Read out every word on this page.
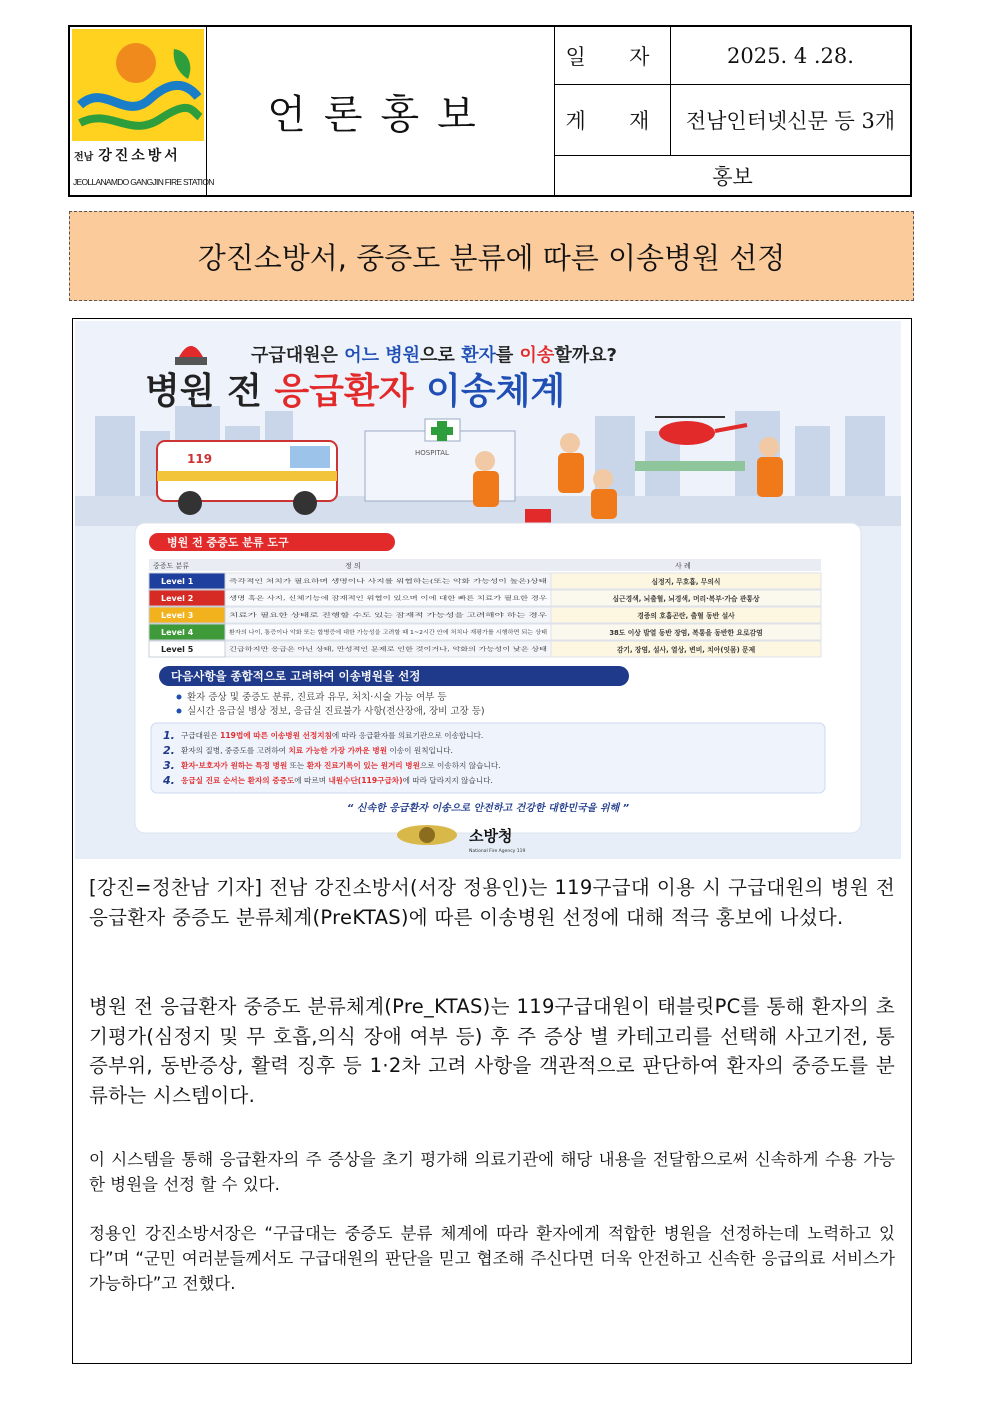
전남 강진소방서
JEOLLANAMDO GANGJIN FIRE STATION
언론홍보
일  자	2025. 4 .28.
게  재	전남인터넷신문 등 3개
홍보
강진소방서, 중증도 분류에 따른 이송병원 선정
구급대원은 어느 병원으로 환자를 이송할까요?
병원 전 응급환자 이송체계
HOSPITAL
119
병원 전 중증도 분류 도구
중증도 분류	정 의	사 례
Level 1	즉각적인 처치가 필요하며 생명이나 사지를 위협하는(또는 악화 가능성이 높은)상태	심정지, 무호흡, 무의식
Level 2	생명 혹은 사지, 신체기능에 잠재적인 위협이 있으며 이에 대한 빠른 치료가 필요한 경우	심근경색, 뇌출혈, 뇌경색, 머리·복부·가슴 관통상
Level 3	치료가 필요한 상태로 진행할 수도 있는 잠재적 가능성을 고려해야 하는 경우	경증의 호흡곤란, 출혈 동반 설사
Level 4	환자의 나이, 통증이나 악화 또는 합병증에 대한 가능성을 고려할 때 1~2시간 안에 처치나 재평가를 시행하면 되는 상태	38도 이상 발열 동반 장염, 복통을 동반한 요로감염
Level 5	긴급하지만 응급은 아닌 상태, 만성적인 문제로 인한 것이거나, 악화의 가능성이 낮은 상태	감기, 장염, 설사, 열상, 변비, 치아(잇몸) 문제
다음사항을 종합적으로 고려하여 이송병원을 선정
환자 증상 및 중증도 분류, 진료과 유무, 처치·시술 가능 여부 등
실시간 응급실 병상 정보, 응급실 진료불가 사항(전산장애, 장비 고장 등)
1. 구급대원은 119법에 따른 이송병원 선정지침에 따라 응급환자를 의료기관으로 이송합니다.
2. 환자의 질병, 중증도를 고려하여 치료 가능한 가장 가까운 병원 이송이 원칙입니다.
3. 환자·보호자가 원하는 특정 병원 또는 환자 진료기록이 있는 원거리 병원으로 이송하지 않습니다.
4. 응급실 진료 순서는 환자의 중증도에 따르며 내원수단(119구급차)에 따라 달라지지 않습니다.
“ 신속한 응급환자 이송으로 안전하고 건강한 대한민국을 위해 ”
소방청
National Fire Agency 119

[강진=정찬남 기자] 전남 강진소방서(서장 정용인)는 119구급대 이용 시 구급대원의 병원 전 응급환자 중증도 분류체계(PreKTAS)에 따른 이송병원 선정에 대해 적극 홍보에 나섰다.

병원 전 응급환자 중증도 분류체계(Pre_KTAS)는 119구급대원이 태블릿PC를 통해 환자의 초기평가(심정지 및 무 호흡,의식 장애 여부 등) 후 주 증상 별 카테고리를 선택해 사고기전, 통증부위, 동반증상, 활력 징후 등 1·2차 고려 사항을 객관적으로 판단하여 환자의 중증도를 분류하는 시스템이다.

이 시스템을 통해 응급환자의 주 증상을 초기 평가해 의료기관에 해당 내용을 전달함으로써 신속하게 수용 가능한 병원을 선정 할 수 있다.

정용인 강진소방서장은 “구급대는 중증도 분류 체계에 따라 환자에게 적합한 병원을 선정하는데 노력하고 있다”며 “군민 여러분들께서도 구급대원의 판단을 믿고 협조해 주신다면 더욱 안전하고 신속한 응급의료 서비스가 가능하다”고 전했다.
